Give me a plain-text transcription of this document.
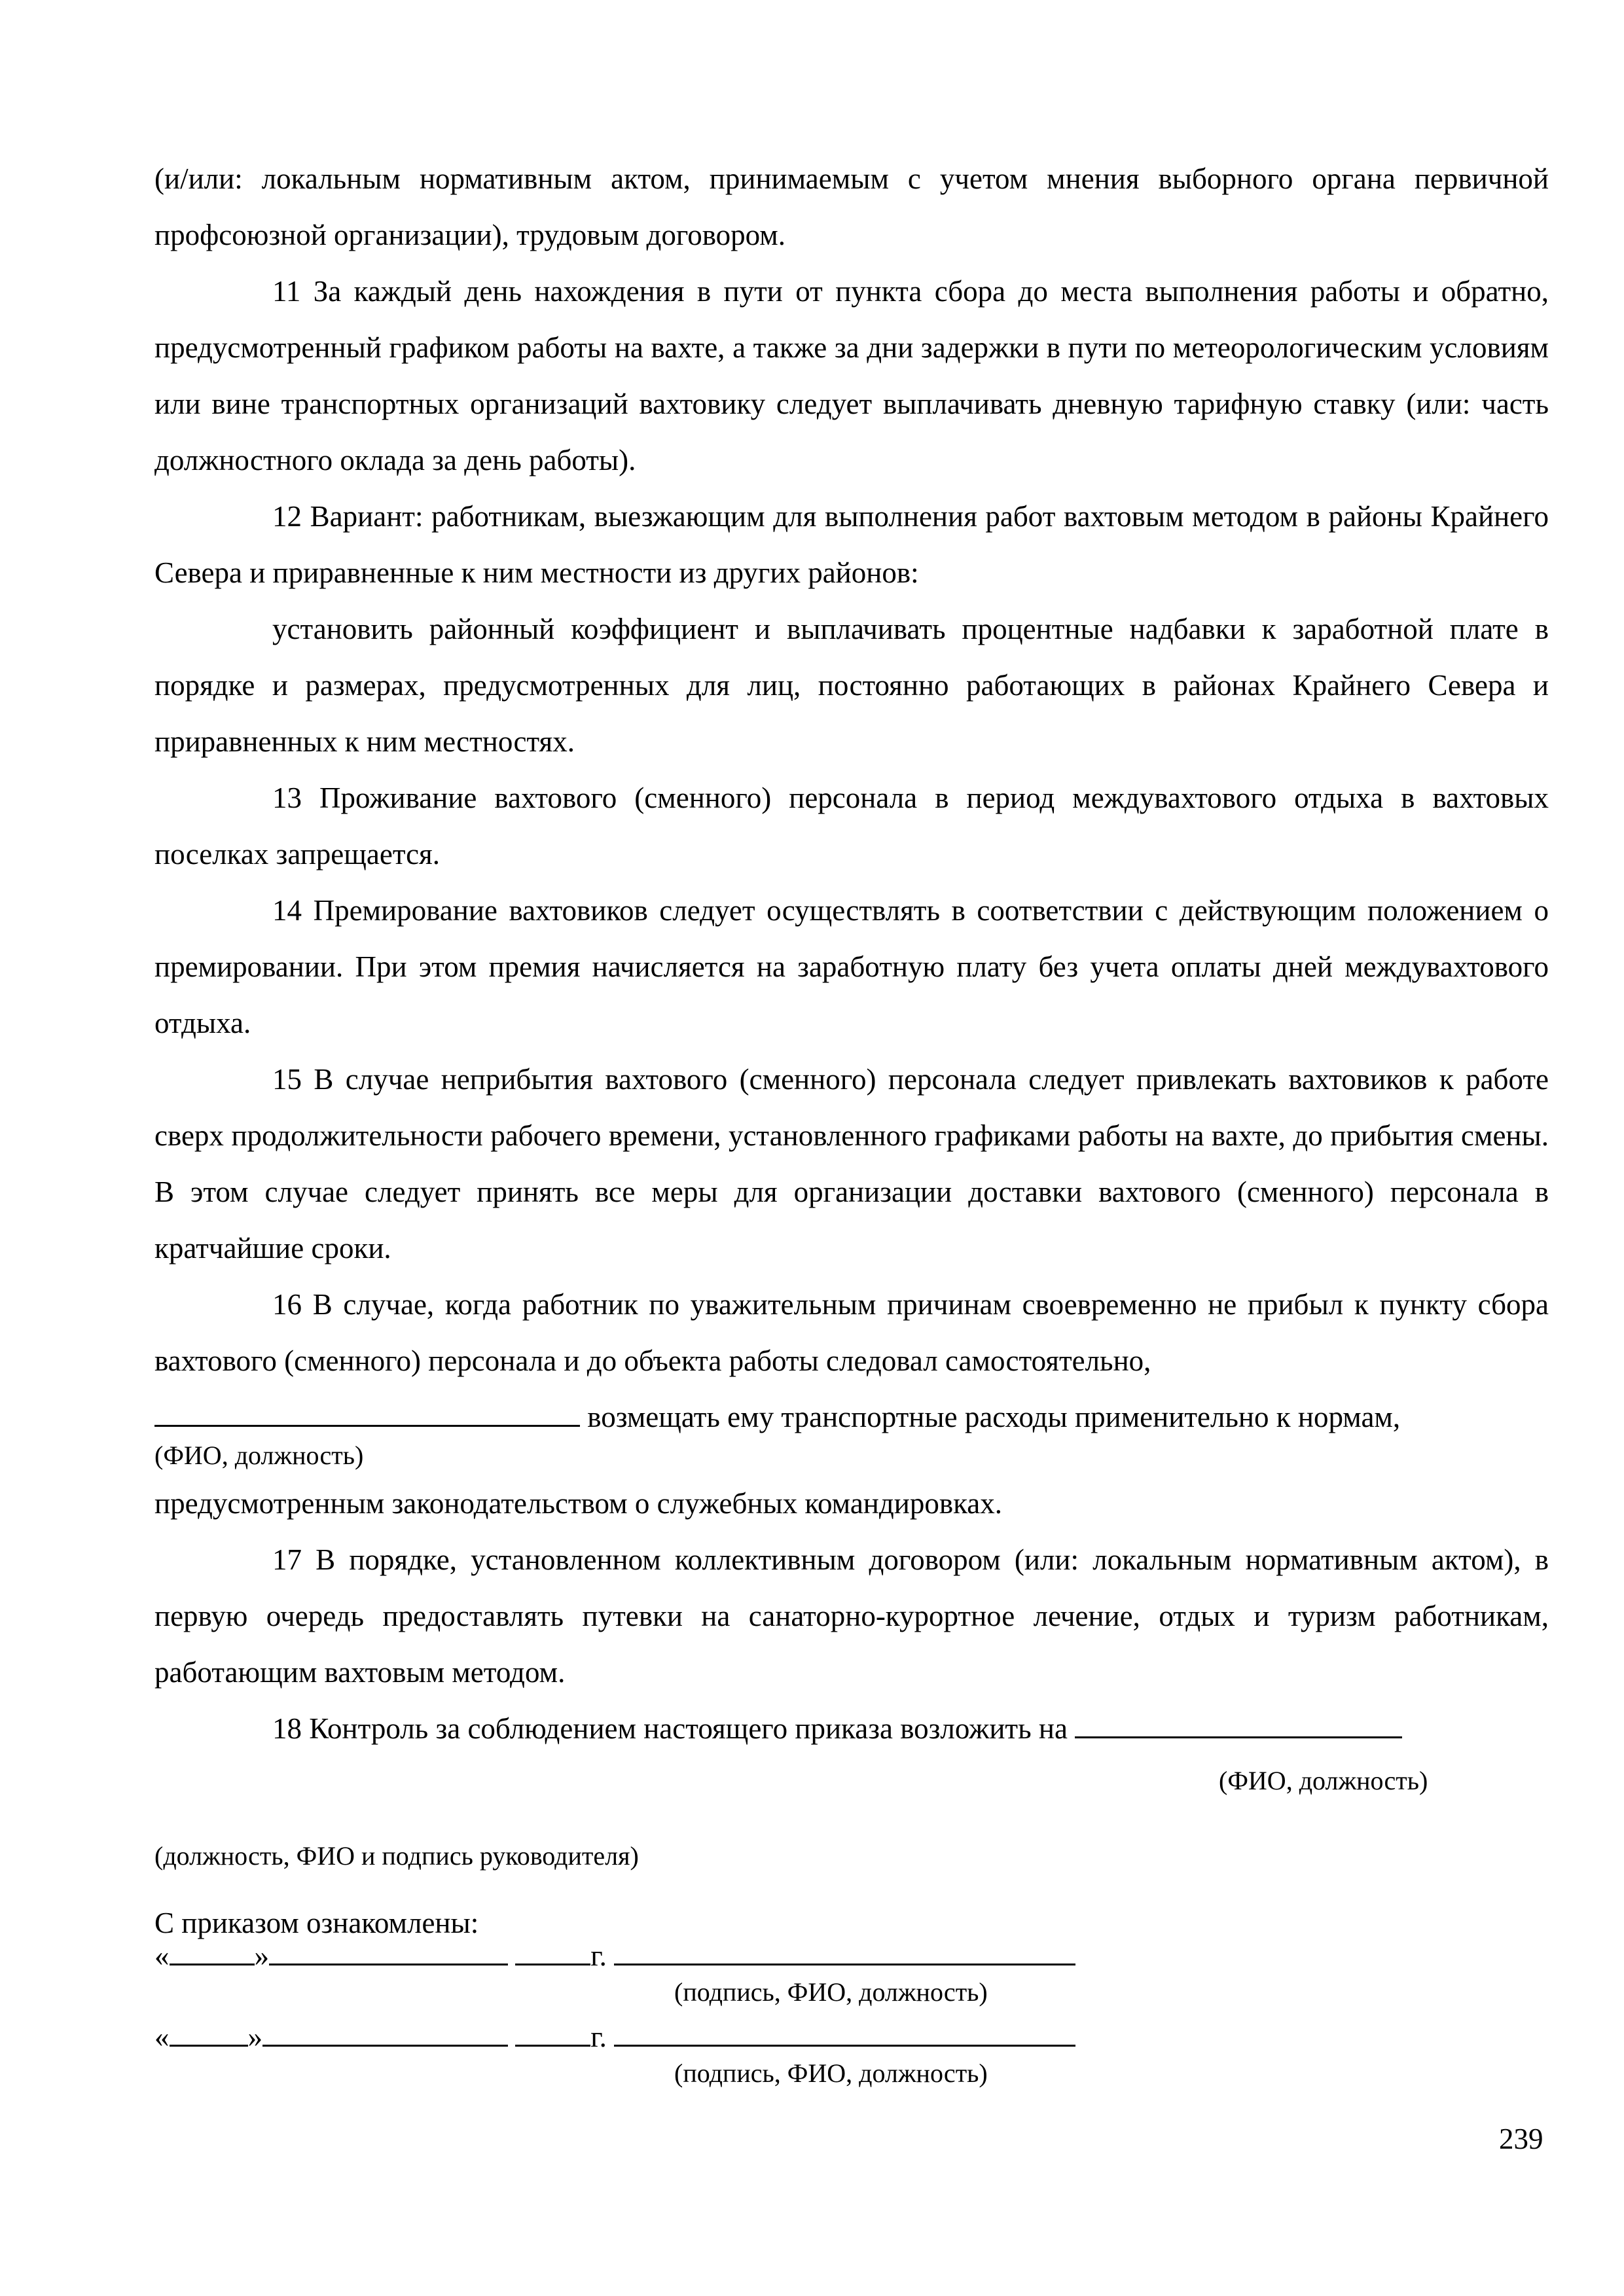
(и/или: локальным нормативным актом, принимаемым с учетом мнения выборного органа первичной профсоюзной организации), трудовым договором.

11 За каждый день нахождения в пути от пункта сбора до места выполнения работы и обратно, предусмотренный графиком работы на вахте, а также за дни задержки в пути по метеорологическим условиям или вине транспортных организаций вахтовику следует выплачивать дневную тарифную ставку (или: часть должностного оклада за день работы).

12 Вариант: работникам, выезжающим для выполнения работ вахтовым методом в районы Крайнего Севера и приравненные к ним местности из других районов:

установить районный коэффициент и выплачивать процентные надбавки к заработной плате в порядке и размерах, предусмотренных для лиц, постоянно работающих в районах Крайнего Севера и приравненных к ним местностях.

13 Проживание вахтового (сменного) персонала в период междувахтового отдыха в вахтовых поселках запрещается.

14 Премирование вахтовиков следует осуществлять в соответствии с действующим положением о премировании. При этом премия начисляется на заработную плату без учета оплаты дней междувахтового отдыха.

15 В случае неприбытия вахтового (сменного) персонала следует привлекать вахтовиков к работе сверх продолжительности рабочего времени, установленного графиками работы на вахте, до прибытия смены. В этом случае следует принять все меры для организации доставки вахтового (сменного) персонала в кратчайшие сроки.

16 В случае, когда работник по уважительным причинам своевременно не прибыл к пункту сбора вахтового (сменного) персонала и до объекта работы следовал самостоятельно,

возмещать ему транспортные расходы применительно к нормам,

(ФИО, должность)

предусмотренным законодательством о служебных командировках.

17 В порядке, установленном коллективным договором (или: локальным нормативным актом), в первую очередь предоставлять путевки на санаторно-курортное лечение, отдых и туризм работникам, работающим вахтовым методом.

18 Контроль за соблюдением настоящего приказа возложить на

(ФИО, должность)
(должность, ФИО и подпись руководителя)
С приказом ознакомлены:
«	»	г.
(подпись, ФИО, должность)
«	»	г.
(подпись, ФИО, должность)
239
